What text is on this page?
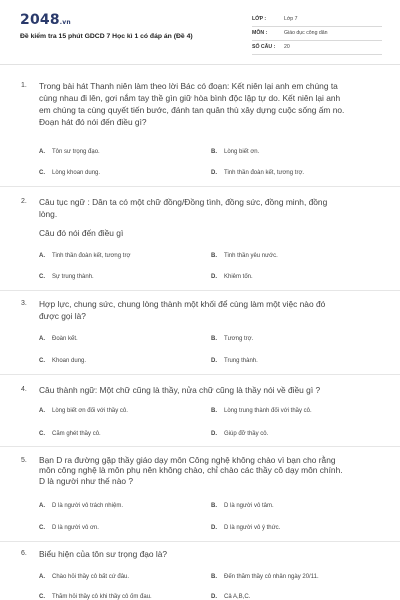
2048.vn
Đề kiểm tra 15 phút GDCD 7 Học kì 1 có đáp án (Đề 4)
LỚP :	Lớp 7
MÔN :	Giáo dục công dân
SỐ CÂU : 20
1. Trong bài hát Thanh niên làm theo lời Bác có đoạn: Kết niên lại anh em chúng ta
cùng nhau đi lên, gơi nắm tay thề gìn giữ hòa bình độc lập tự do. Kết niên lại anh
em chúng ta cùng quyết tiến bước, đánh tan quân thù xây dựng cuộc sống ấm no.
Đoạn hát đó nói đến điều gì?
A. Tôn sư trọng đạo.	B. Lòng biết ơn.
C. Lòng khoan dung.	D. Tinh thần đoàn kết, tương trợ.
2. Câu tục ngữ : Dân ta có một chữ đồng/Đồng tình, đồng sức, đồng minh, đồng
lòng.
Câu đó nói đến điều gì
A. Tinh thần đoàn kết, tương trợ	B. Tinh thần yêu nước.
C. Sự trung thành.	D. Khiêm tốn.
3. Hợp lực, chung sức, chung lòng thành một khối để cùng làm một việc nào đó
được gọi là?
A. Đoàn kết.	B. Tương trợ.
C. Khoan dung.	D. Trung thành.
4. Câu thành ngữ: Một chữ cũng là thầy, nửa chữ cũng là thầy nói về điều gì ?
A. Lòng biết ơn đối với thầy cô.	B. Lòng trung thành đối với thầy cô.
C. Căm ghét thầy cô.	D. Giúp đỡ thầy cô.
5. Bạn D ra đường gặp thầy giáo dạy môn Công nghệ không chào vì bạn cho rằng
môn công nghệ là môn phụ nên không chào, chỉ chào các thầy cô dạy môn chính.
D là người như thế nào ?
A. D là người vô trách nhiệm.	B. D là người vô tâm.
C. D là người vô ơn.	D. D là người vô ý thức.
6. Biểu hiện của tôn sư trọng đạo là?
A. Chào hỏi thầy cô bất cứ đâu.	B. Đến thăm thầy cô nhân ngày 20/11.
C. Thăm hỏi thầy cô khi thầy cô ốm đau.	D. Cả A,B,C.
